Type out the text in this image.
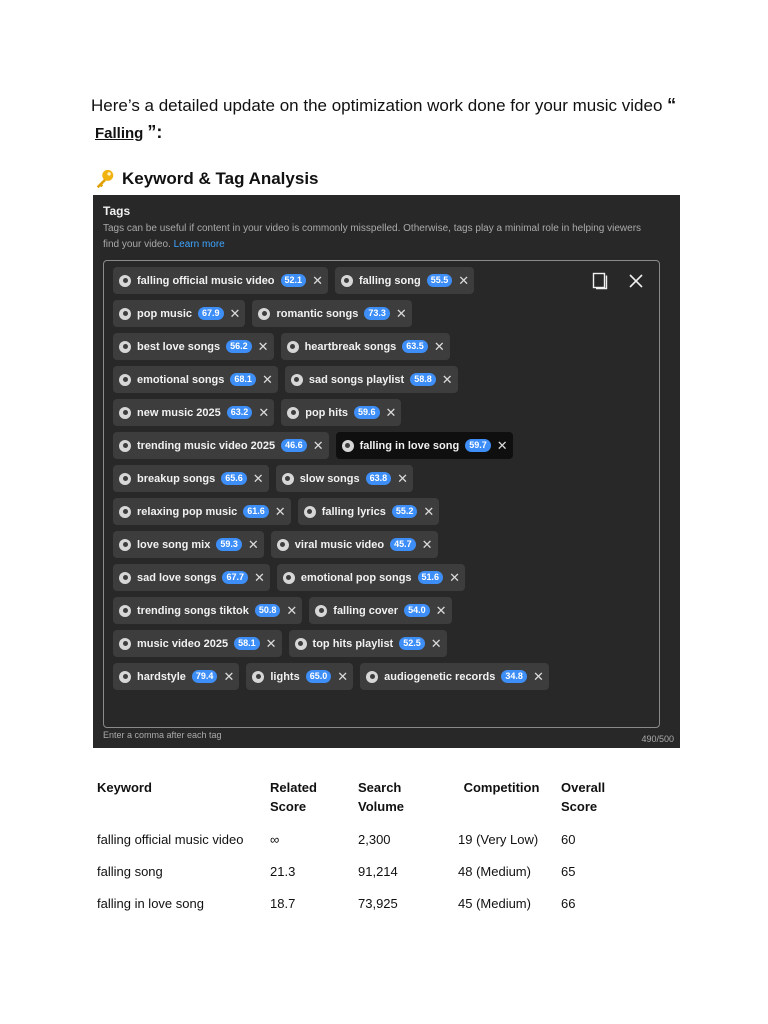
Here’s a detailed update on the optimization work done for your music video “ Falling ”:
Keyword & Tag Analysis
Tags
Tags can be useful if content in your video is commonly misspelled. Otherwise, tags play a minimal role in helping viewers find your video. Learn more
falling official music video	52.1 ✕	falling song	55.5 ✕
pop music	67.9 ✕	romantic songs	73.3 ✕
best love songs	56.2 ✕	heartbreak songs	63.5 ✕
emotional songs	68.1 ✕	sad songs playlist	58.8 ✕
new music 2025	63.2 ✕	pop hits	59.6 ✕
trending music video 2025	46.6 ✕	falling in love song	59.7 ✕
breakup songs	65.6 ✕	slow songs	63.8 ✕
relaxing pop music	61.6 ✕	falling lyrics	55.2 ✕
love song mix	59.3 ✕	viral music video	45.7 ✕
sad love songs	67.7 ✕	emotional pop songs	51.6 ✕
trending songs tiktok	50.8 ✕	falling cover	54.0 ✕
music video 2025	58.1 ✕	top hits playlist	52.5 ✕
hardstyle	79.4 ✕	lights	65.0 ✕	audiogenetic records	34.8 ✕
Enter a comma after each tag	490/500
Keyword	Related Score	Search Volume	Competition	Overall Score
falling official music video	∞	2,300	19 (Very Low)	60
falling song	21.3	91,214	48 (Medium)	65
falling in love song	18.7	73,925	45 (Medium)	66
